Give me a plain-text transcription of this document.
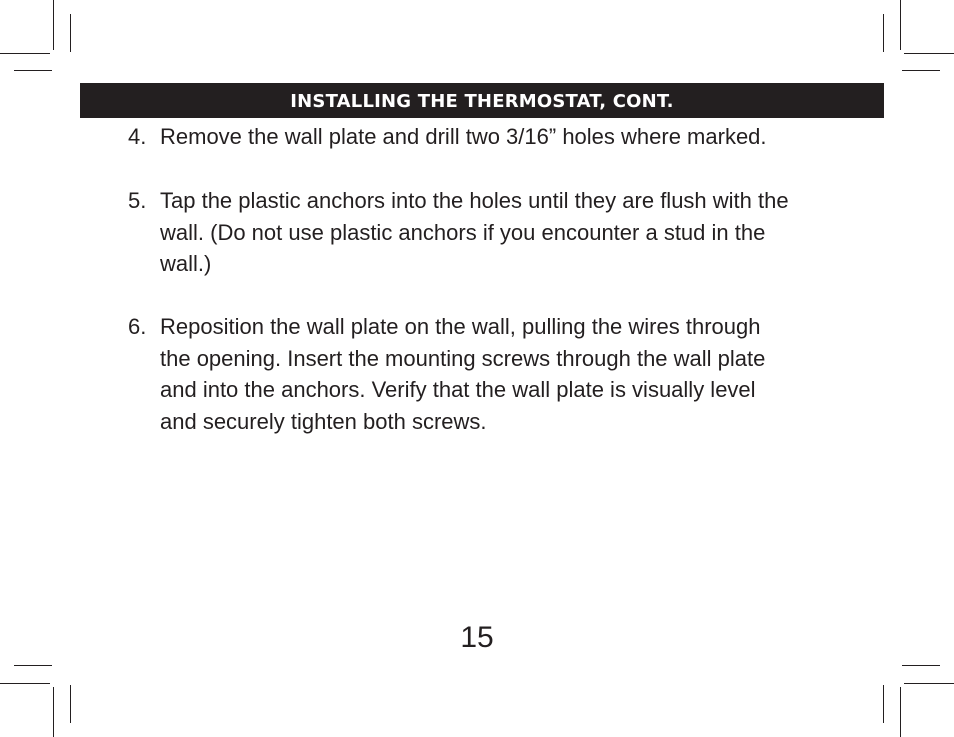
INSTALLING THE THERMOSTAT, CONT.
4. Remove the wall plate and drill two 3/16” holes where marked.
5. Tap the plastic anchors into the holes until they are flush with the
wall. (Do not use plastic anchors if you encounter a stud in the
wall.)
6. Reposition the wall plate on the wall, pulling the wires through
the opening. Insert the mounting screws through the wall plate
and into the anchors. Verify that the wall plate is visually level
and securely tighten both screws.
15
